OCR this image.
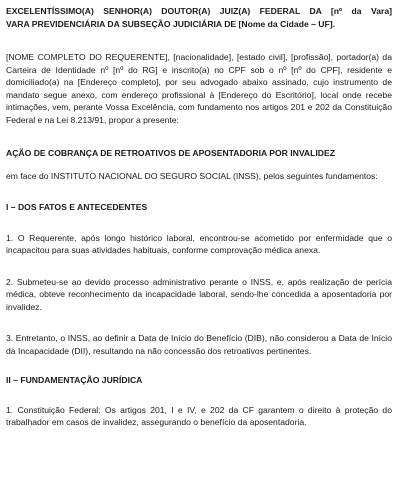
EXCELENTÍSSIMO(A) SENHOR(A) DOUTOR(A) JUIZ(A) FEDERAL DA [nº da Vara]
VARA PREVIDENCIÁRIA DA SUBSEÇÃO JUDICIÁRIA DE [Nome da Cidade – UF].

[NOME COMPLETO DO REQUERENTE], [nacionalidade], [estado civil], [profissão], portador(a) da Carteira de Identidade nº [nº do RG] e inscrito(a) no CPF sob o nº [nº do CPF], residente e domiciliado(a) na [Endereço completo], por seu advogado abaixo assinado, cujo instrumento de mandato segue anexo, com endereço profissional à [Endereço do Escritório], local onde recebe intimações, vem, perante Vossa Excelência, com fundamento nos artigos 201 e 202 da Constituição Federal e na Lei 8.213/91, propor a presente:

AÇÃO DE COBRANÇA DE RETROATIVOS DE APOSENTADORIA POR INVALIDEZ

em face do INSTITUTO NACIONAL DO SEGURO SOCIAL (INSS), pelos seguintes fundamentos:

I – DOS FATOS E ANTECEDENTES

1. O Requerente, após longo histórico laboral, encontrou-se acometido por enfermidade que o incapacitou para suas atividades habituais, conforme comprovação médica anexa.

2. Submeteu-se ao devido processo administrativo perante o INSS, e, após realização de perícia médica, obteve reconhecimento da incapacidade laboral, sendo-lhe concedida a aposentadoria por invalidez.

3. Entretanto, o INSS, ao definir a Data de Início do Benefício (DIB), não considerou a Data de Início da Incapacidade (DII), resultando na não concessão dos retroativos pertinentes.

II – FUNDAMENTAÇÃO JURÍDICA

1. Constituição Federal: Os artigos 201, I e IV, e 202 da CF garantem o direito à proteção do trabalhador em casos de invalidez, assegurando o benefício da aposentadoria.
